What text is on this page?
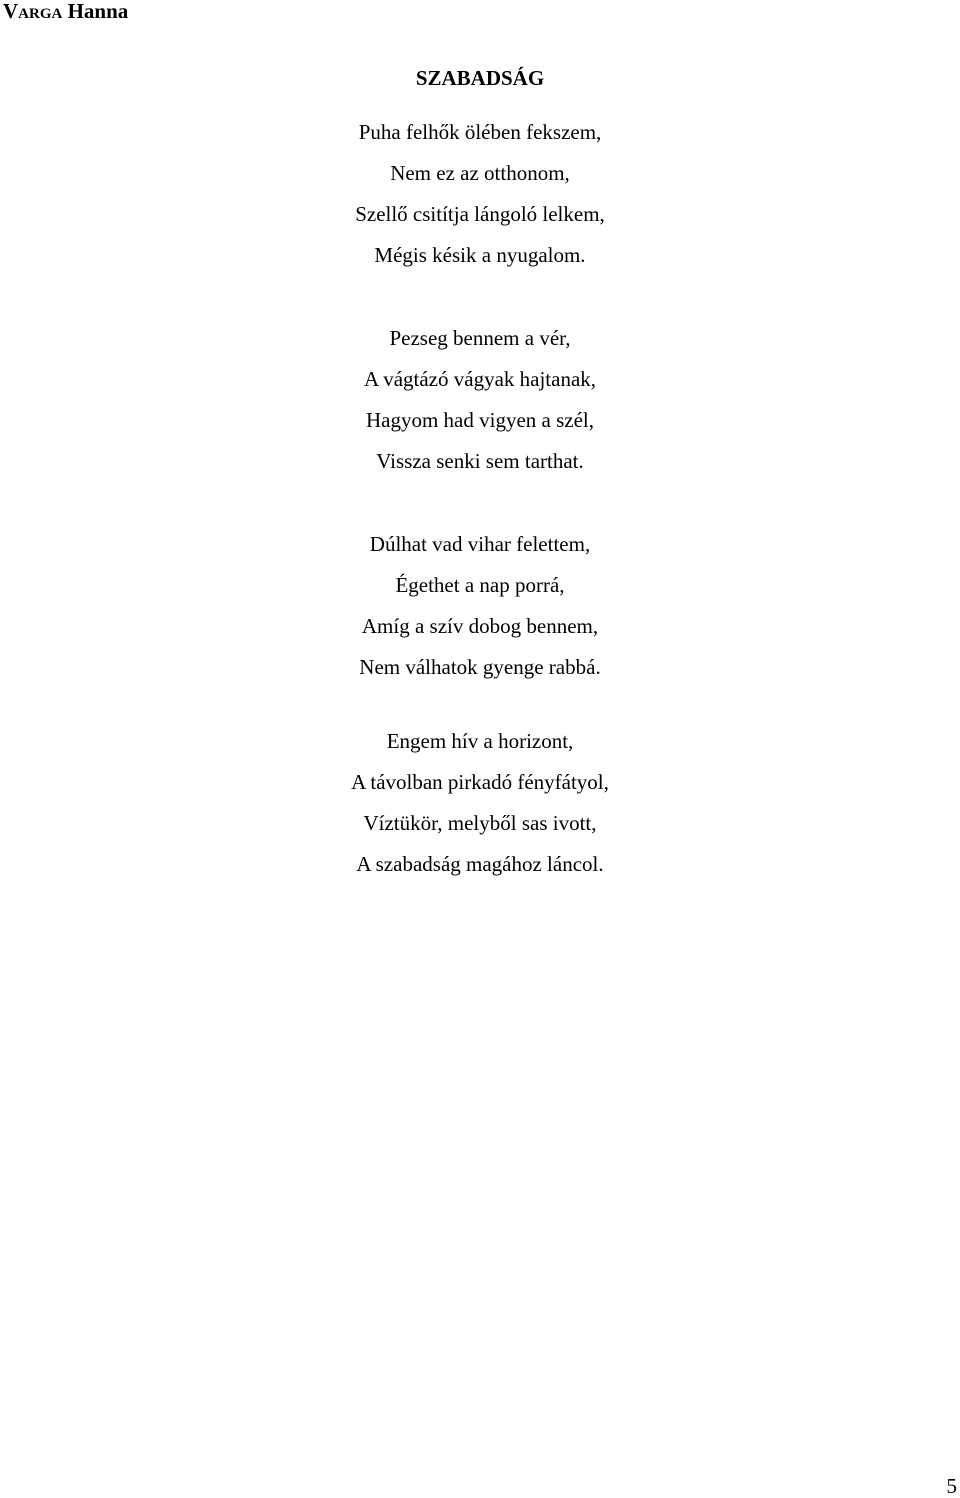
Varga Hanna
SZABADSÁG
Puha felhők ölében fekszem,
Nem ez az otthonom,
Szellő csitítja lángoló lelkem,
Mégis késik a nyugalom.
Pezseg bennem a vér,
A vágtázó vágyak hajtanak,
Hagyom had vigyen a szél,
Vissza senki sem tarthat.
Dúlhat vad vihar felettem,
Égethet a nap porrá,
Amíg a szív dobog bennem,
Nem válhatok gyenge rabbá.
Engem hív a horizont,
A távolban pirkadó fényfátyol,
Víztükör, melyből sas ivott,
A szabadság magához láncol.
5
